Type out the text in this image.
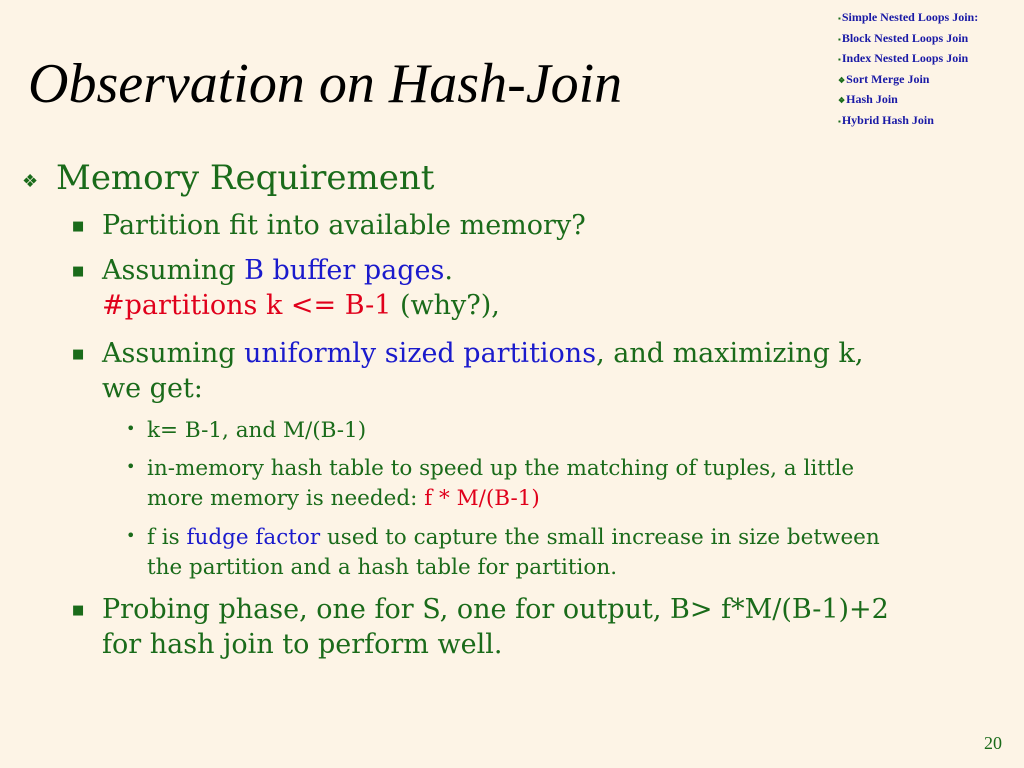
Observation on Hash-Join
▪Simple Nested Loops Join:
▪Block Nested Loops Join
▪Index Nested Loops Join
❖Sort Merge Join
❖Hash Join
▪Hybrid Hash Join
❖ Memory Requirement
■ Partition fit into available memory?
■ Assuming B buffer pages.
#partitions k <= B-1 (why?),
■ Assuming uniformly sized partitions, and maximizing k,
we get:
• k= B-1, and M/(B-1)
• in-memory hash table to speed up the matching of tuples, a little
more memory is needed: f * M/(B-1)
• f is fudge factor used to capture the small increase in size between
the partition and a hash table for partition.
■ Probing phase, one for S, one for output, B> f*M/(B-1)+2
for hash join to perform well.
20
